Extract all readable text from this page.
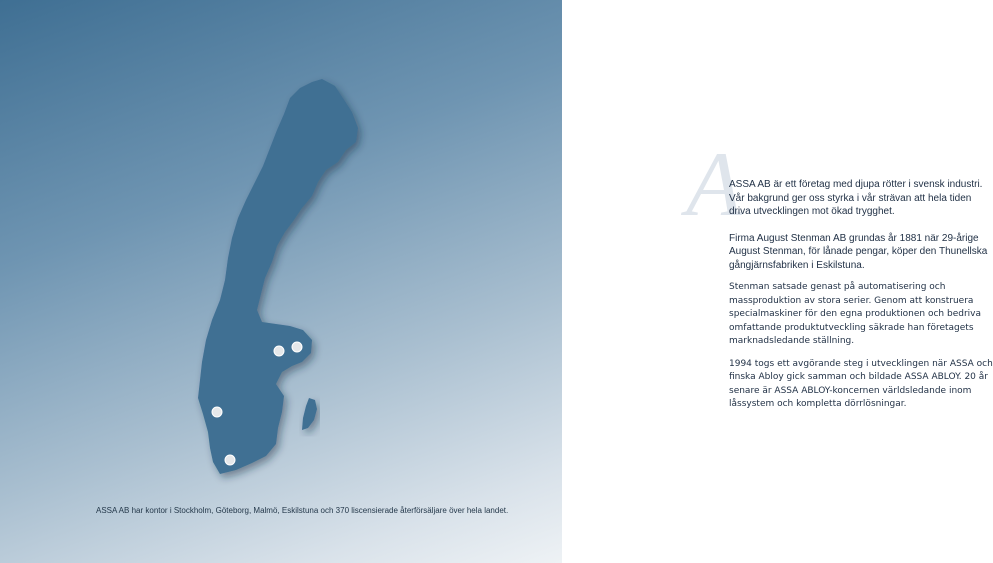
ASSA AB har kontor i Stockholm, Göteborg, Malmö, Eskilstuna och 370 liscensierade återförsäljare över hela landet.
A

ASSA AB är ett företag med djupa rötter i svensk industri.
Vår bakgrund ger oss styrka i vår strävan att hela tiden
driva utvecklingen mot ökad trygghet.

Firma August Stenman AB grundas år 1881 när 29-årige
August Stenman, för lånade pengar, köper den Thunellska
gångjärnsfabriken i Eskilstuna.

Stenman satsade genast på automatisering och
massproduktion av stora serier. Genom att konstruera
specialmaskiner för den egna produktionen och bedriva
omfattande produktutveckling säkrade han företagets
marknadsledande ställning.

1994 togs ett avgörande steg i utvecklingen när ASSA och
finska Abloy gick samman och bildade ASSA ABLOY. 20 år
senare är ASSA ABLOY-koncernen världsledande inom
låssystem och kompletta dörrlösningar.
